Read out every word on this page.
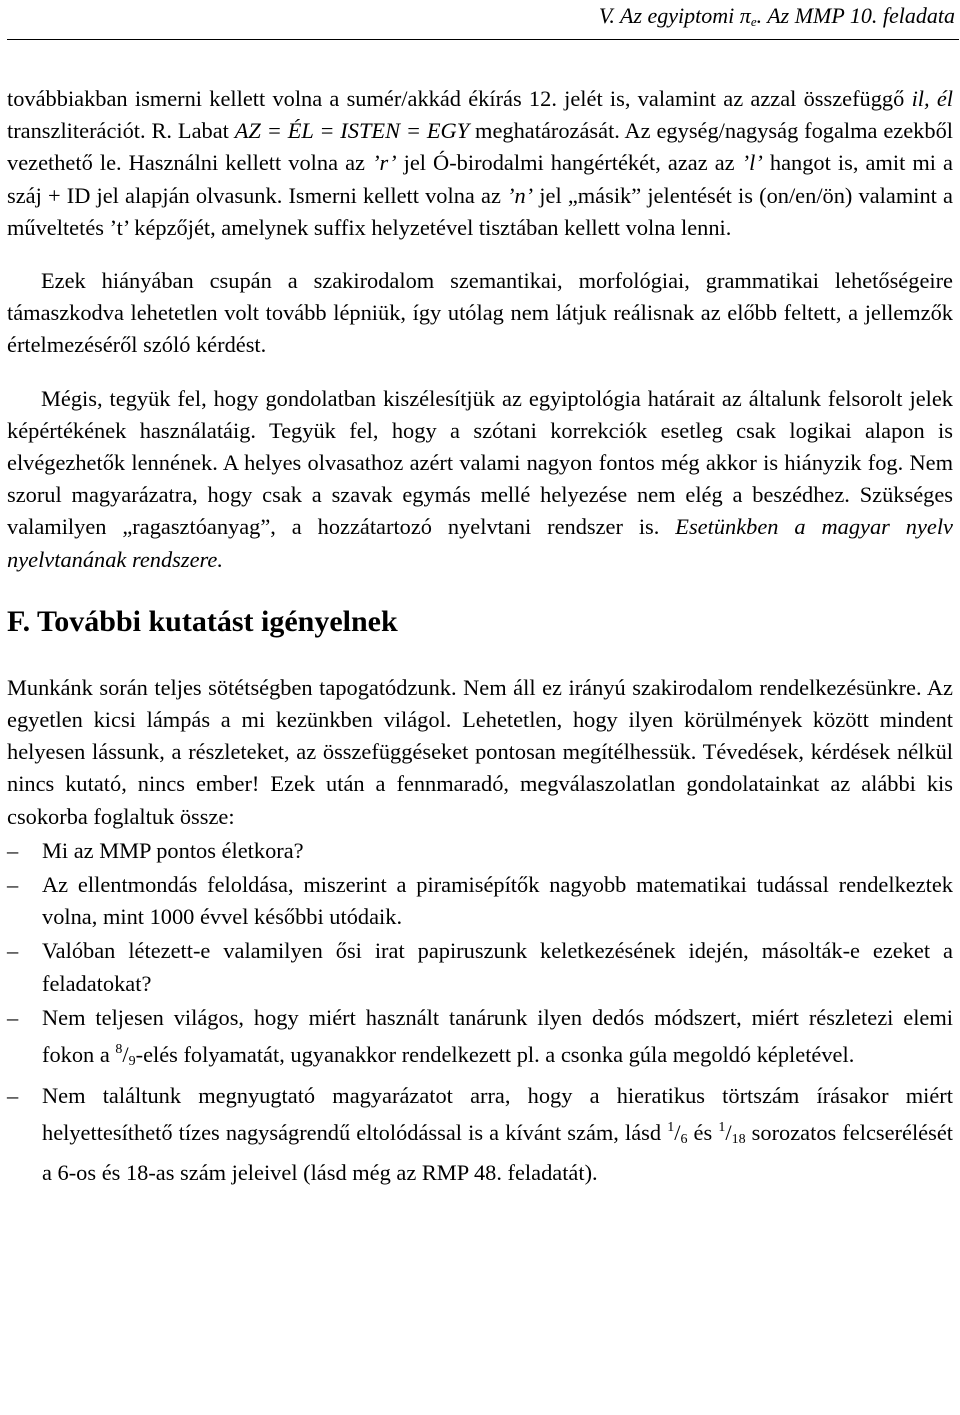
V. Az egyiptomi $\pi_e$. Az MMP 10. feladata

továbbiakban ismerni kellett volna a sumér/akkád ékírás 12. jelét is, valamint az azzal összefüggő il, él transzliterációt. R. Labat AZ = ÉL = ISTEN = EGY meghatározását. Az egység/nagyság fogalma ezekből vezethető le. Használni kellett volna az ’r’ jel Ó-birodalmi hangértékét, azaz az ’l’ hangot is, amit mi a száj + ID jel alapján olvasunk. Ismerni kellett volna az ’n’ jel „másik” jelentését is (on/en/ön) valamint a műveltetés ’t’ képzőjét, amelynek suffix helyzetével tisztában kellett volna lenni.

Ezek hiányában csupán a szakirodalom szemantikai, morfológiai, grammatikai lehetőségeire támaszkodva lehetetlen volt tovább lépniük, így utólag nem látjuk reálisnak az előbb feltett, a jellemzők értelmezéséről szóló kérdést.

Mégis, tegyük fel, hogy gondolatban kiszélesítjük az egyiptológia határait az általunk felsorolt jelek képértékének használatáig. Tegyük fel, hogy a szótani korrekciók esetleg csak logikai alapon is elvégezhetők lennének. A helyes olvasathoz azért valami nagyon fontos még akkor is hiányzik fog. Nem szorul magyarázatra, hogy csak a szavak egymás mellé helyezése nem elég a beszédhez. Szükséges valamilyen „ragasztóanyag”, a hozzátartozó nyelvtani rendszer is. Esetünkben a magyar nyelv nyelvtanának rendszere.

F. További kutatást igényelnek

Munkánk során teljes sötétségben tapogatódzunk. Nem áll ez irányú szakirodalom rendelkezésünkre. Az egyetlen kicsi lámpás a mi kezünkben világol. Lehetetlen, hogy ilyen körülmények között mindent helyesen lássunk, a részleteket, az összefüggéseket pontosan megítélhessük. Tévedések, kérdések nélkül nincs kutató, nincs ember! Ezek után a fennmaradó, megválaszolatlan gondolatainkat az alábbi kis csokorba foglaltuk össze:

–	Mi az MMP pontos életkora?
–	Az ellentmondás feloldása, miszerint a piramisépítők nagyobb matematikai tudással rendelkeztek volna, mint 1000 évvel későbbi utódaik.
–	Valóban létezett-e valamilyen ősi irat papiruszunk keletkezésének idején, másolták-e ezeket a feladatokat?
–	Nem teljesen világos, hogy miért használt tanárunk ilyen dedós módszert, miért részletezi elemi fokon a $^8/_9$-elés folyamatát, ugyanakkor rendelkezett pl. a csonka gúla megoldó képletével.
–	Nem találtunk megnyugtató magyarázatot arra, hogy a hieratikus törtszám írásakor miért helyettesíthető tízes nagyságrendű eltolódással is a kívánt szám, lásd $^1/_6$ és $^1/_{18}$ sorozatos felcserélését a 6-os és 18-as szám jeleivel (lásd még az RMP 48. feladatát).
